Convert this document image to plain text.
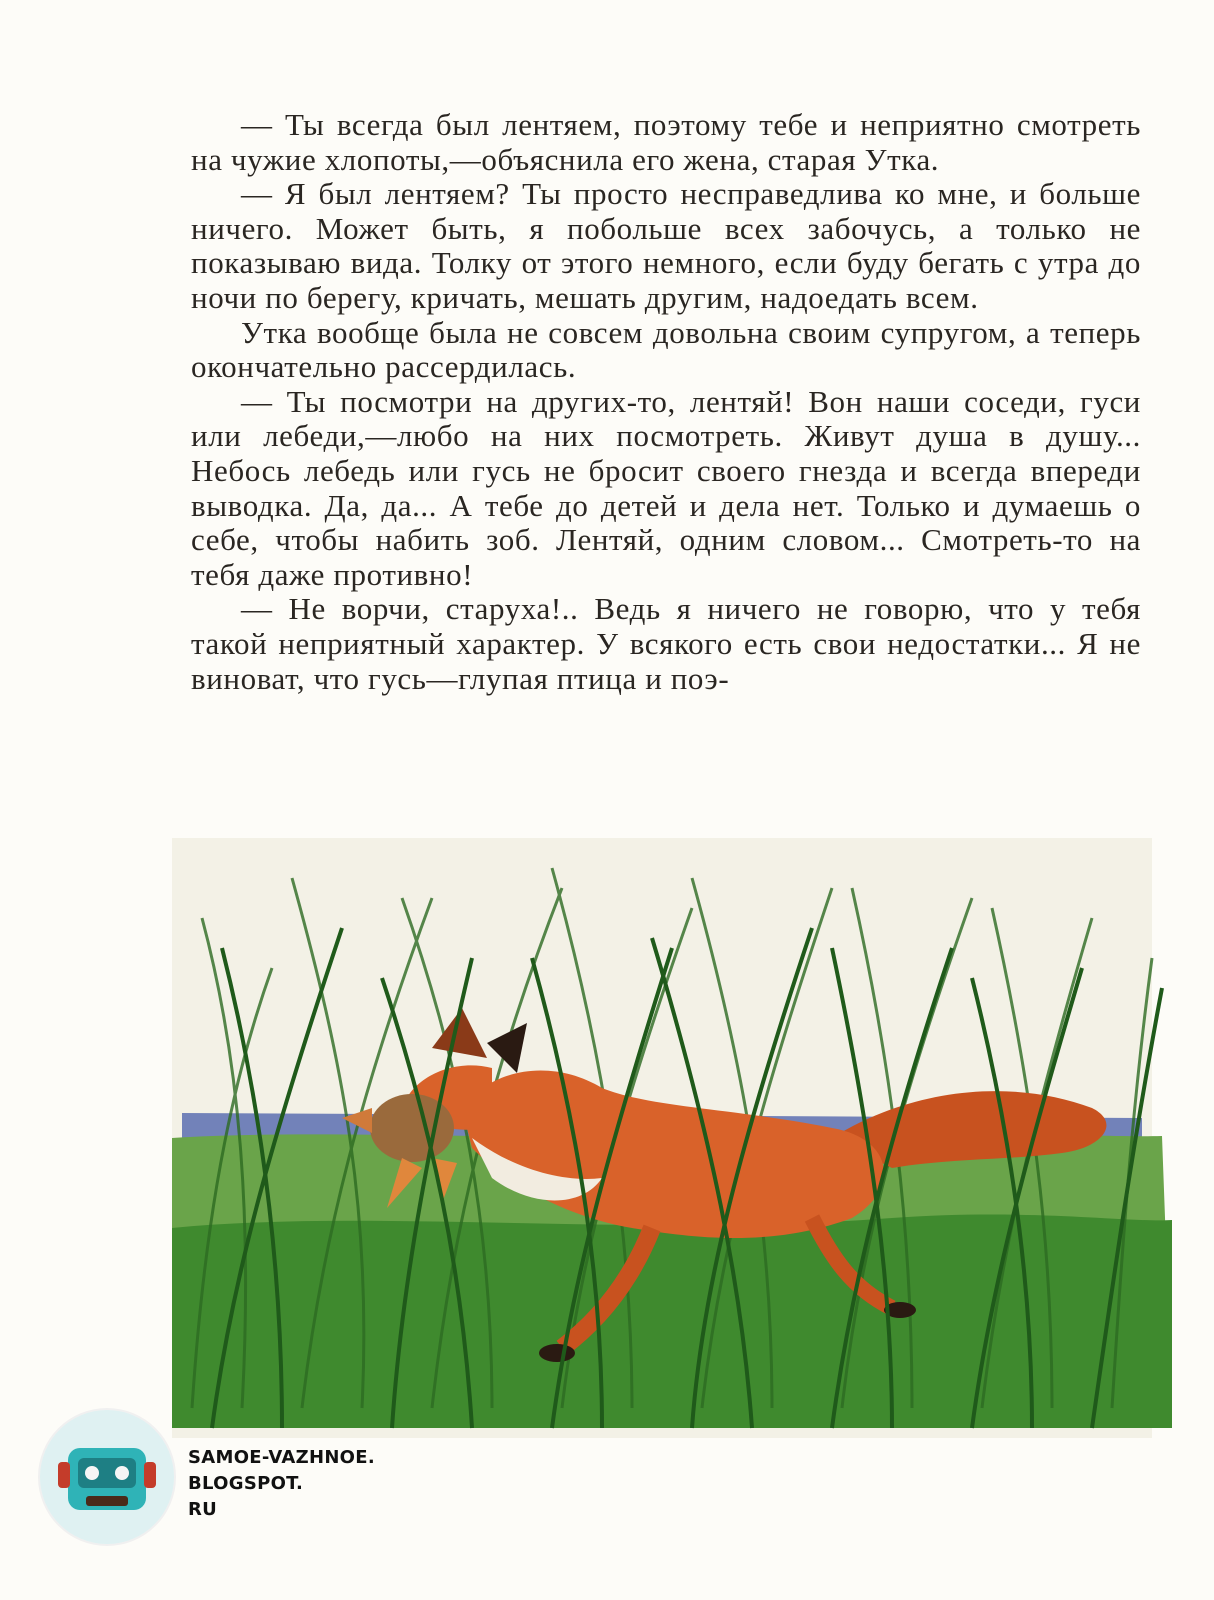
— Ты всегда был лентяем, поэтому тебе и неприятно смотреть на чужие хлопоты,—объяснила его жена, старая Утка.

— Я был лентяем? Ты просто несправедлива ко мне, и больше ничего. Может быть, я побольше всех забочусь, а только не показываю вида. Толку от этого немного, если буду бегать с утра до ночи по берегу, кричать, мешать другим, надоедать всем.

Утка вообще была не совсем довольна своим супругом, а теперь окончательно рассердилась.

— Ты посмотри на других-то, лентяй! Вон наши соседи, гуси или лебеди,—любо на них посмотреть. Живут душа в душу... Небось лебедь или гусь не бросит своего гнезда и всегда впереди выводка. Да, да... А тебе до детей и дела нет. Только и думаешь о себе, чтобы набить зоб. Лентяй, одним словом... Смотреть-то на тебя даже противно!

— Не ворчи, старуха!.. Ведь я ничего не говорю, что у тебя такой неприятный характер. У всякого есть свои недостатки... Я не виноват, что гусь—глупая птица и поэ-

SAMOE-VAZHNOE.
BLOGSPOT.
RU
